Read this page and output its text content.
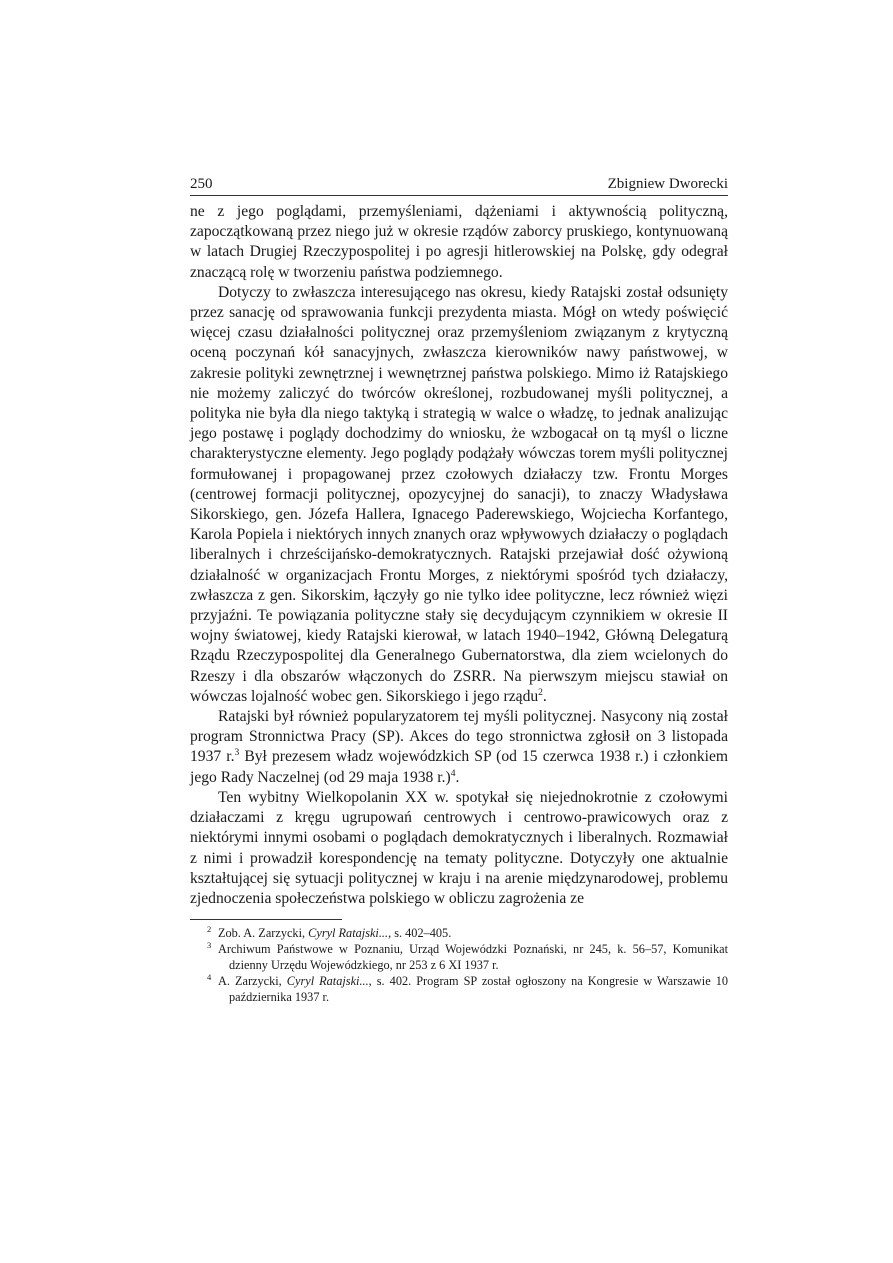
250	Zbigniew Dworecki

ne z jego poglądami, przemyśleniami, dążeniami i aktywnością polityczną, zapoczątkowaną przez niego już w okresie rządów zaborcy pruskiego, kontynuowaną w latach Drugiej Rzeczypospolitej i po agresji hitlerowskiej na Polskę, gdy odegrał znaczącą rolę w tworzeniu państwa podziemnego.

Dotyczy to zwłaszcza interesującego nas okresu, kiedy Ratajski został odsunięty przez sanację od sprawowania funkcji prezydenta miasta. Mógł on wtedy poświęcić więcej czasu działalności politycznej oraz przemyśleniom związanym z krytyczną oceną poczynań kół sanacyjnych, zwłaszcza kierowników nawy państwowej, w zakresie polityki zewnętrznej i wewnętrznej państwa polskiego. Mimo iż Ratajskiego nie możemy zaliczyć do twórców określonej, rozbudowanej myśli politycznej, a polityka nie była dla niego taktyką i strategią w walce o władzę, to jednak analizując jego postawę i poglądy dochodzimy do wniosku, że wzbogacał on tą myśl o liczne charakterystyczne elementy. Jego poglądy podążały wówczas torem myśli politycznej formułowanej i propagowanej przez czołowych działaczy tzw. Frontu Morges (centrowej formacji politycznej, opozycyjnej do sanacji), to znaczy Władysława Sikorskiego, gen. Józefa Hallera, Ignacego Paderewskiego, Wojciecha Korfantego, Karola Popiela i niektórych innych znanych oraz wpływowych działaczy o poglądach liberalnych i chrześcijańsko-demokratycznych. Ratajski przejawiał dość ożywioną działalność w organizacjach Frontu Morges, z niektórymi spośród tych działaczy, zwłaszcza z gen. Sikorskim, łączyły go nie tylko idee polityczne, lecz również więzi przyjaźni. Te powiązania polityczne stały się decydującym czynnikiem w okresie II wojny światowej, kiedy Ratajski kierował, w latach 1940–1942, Główną Delegaturą Rządu Rzeczypospolitej dla Generalnego Gubernatorstwa, dla ziem wcielonych do Rzeszy i dla obszarów włączonych do ZSRR. Na pierwszym miejscu stawiał on wówczas lojalność wobec gen. Sikorskiego i jego rządu$^2$.

Ratajski był również popularyzatorem tej myśli politycznej. Nasycony nią został program Stronnictwa Pracy (SP). Akces do tego stronnictwa zgłosił on 3 listopada 1937 r.$^3$ Był prezesem władz wojewódzkich SP (od 15 czerwca 1938 r.) i członkiem jego Rady Naczelnej (od 29 maja 1938 r.)$^4$.

Ten wybitny Wielkopolanin XX w. spotykał się niejednokrotnie z czołowymi działaczami z kręgu ugrupowań centrowych i centrowo-prawicowych oraz z niektórymi innymi osobami o poglądach demokratycznych i liberalnych. Rozmawiał z nimi i prowadził korespondencję na tematy polityczne. Dotyczyły one aktualnie kształtującej się sytuacji politycznej w kraju i na arenie międzynarodowej, problemu zjednoczenia społeczeństwa polskiego w obliczu zagrożenia ze

2 Zob. A. Zarzycki, Cyryl Ratajski..., s. 402–405.

3 Archiwum Państwowe w Poznaniu, Urząd Wojewódzki Poznański, nr 245, k. 56–57, Komunikat dzienny Urzędu Wojewódzkiego, nr 253 z 6 XI 1937 r.

4 A. Zarzycki, Cyryl Ratajski..., s. 402. Program SP został ogłoszony na Kongresie w Warszawie 10 października 1937 r.
